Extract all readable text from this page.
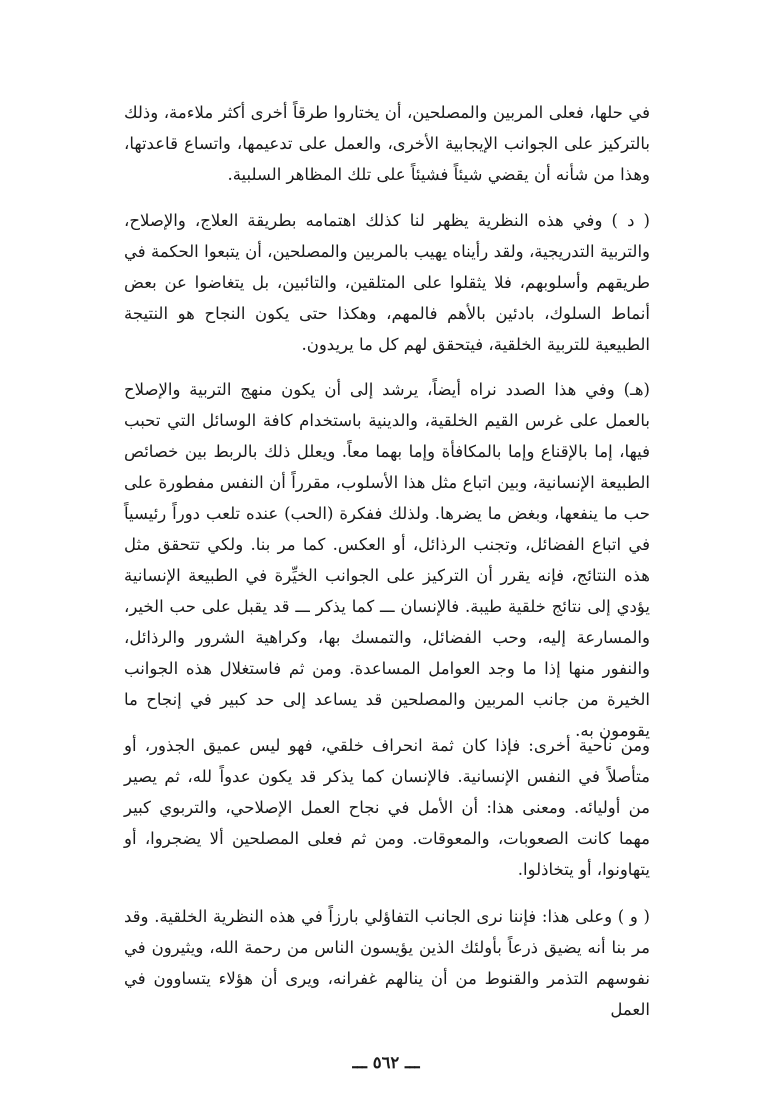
في حلها، فعلى المربين والمصلحين، أن يختاروا طرقاً أخرى أكثر ملاءمة، وذلك بالتركيز على الجوانب الإيجابية الأخرى، والعمل على تدعيمها، واتساع قاعدتها، وهذا من شأنه أن يقضي شيئاً فشيئاً على تلك المظاهر السلبية.

( د ) وفي هذه النظرية يظهر لنا كذلك اهتمامه بطريقة العلاج، والإصلاح، والتربية التدريجية، ولقد رأيناه يهيب بالمربين والمصلحين، أن يتبعوا الحكمة في طريقهم وأسلوبهم، فلا يثقلوا على المتلقين، والتائبين، بل يتغاضوا عن بعض أنماط السلوك، بادئين بالأهم فالمهم، وهكذا حتى يكون النجاح هو النتيجة الطبيعية للتربية الخلقية، فيتحقق لهم كل ما يريدون.

(هـ) وفي هذا الصدد نراه أيضاً، يرشد إلى أن يكون منهج التربية والإصلاح بالعمل على غرس القيم الخلقية، والدينية باستخدام كافة الوسائل التي تحبب فيها، إما بالإقناع وإما بالمكافأة وإما بهما معاً. ويعلل ذلك بالربط بين خصائص الطبيعة الإنسانية، وبين اتباع مثل هذا الأسلوب، مقرراً أن النفس مفطورة على حب ما ينفعها، وبغض ما يضرها. ولذلك ففكرة (الحب) عنده تلعب دوراً رئيسياً في اتباع الفضائل، وتجنب الرذائل، أو العكس. كما مر بنا. ولكي تتحقق مثل هذه النتائج، فإنه يقرر أن التركيز على الجوانب الخيِّرة في الطبيعة الإنسانية يؤدي إلى نتائج خلقية طيبة. فالإنسان ـــ كما يذكر ـــ قد يقبل على حب الخير، والمسارعة إليه، وحب الفضائل، والتمسك بها، وكراهية الشرور والرذائل، والنفور منها إذا ما وجد العوامل المساعدة. ومن ثم فاستغلال هذه الجوانب الخيرة من جانب المربين والمصلحين قد يساعد إلى حد كبير في إنجاح ما يقومون به.

ومن ناحية أخرى: فإذا كان ثمة انحراف خلقي، فهو ليس عميق الجذور، أو متأصلاً في النفس الإنسانية. فالإنسان كما يذكر قد يكون عدواً لله، ثم يصير من أوليائه. ومعنى هذا: أن الأمل في نجاح العمل الإصلاحي، والتربوي كبير مهما كانت الصعوبات، والمعوقات. ومن ثم فعلى المصلحين ألا يضجروا، أو يتهاونوا، أو يتخاذلوا.

( و ) وعلى هذا: فإننا نرى الجانب التفاؤلي بارزاً في هذه النظرية الخلقية. وقد مر بنا أنه يضيق ذرعاً بأولئك الذين يؤيسون الناس من رحمة الله، ويثيرون في نفوسهم التذمر والقنوط من أن ينالهم غفرانه، ويرى أن هؤلاء يتساوون في العمل

ـــ ٥٦٢ ـــ
